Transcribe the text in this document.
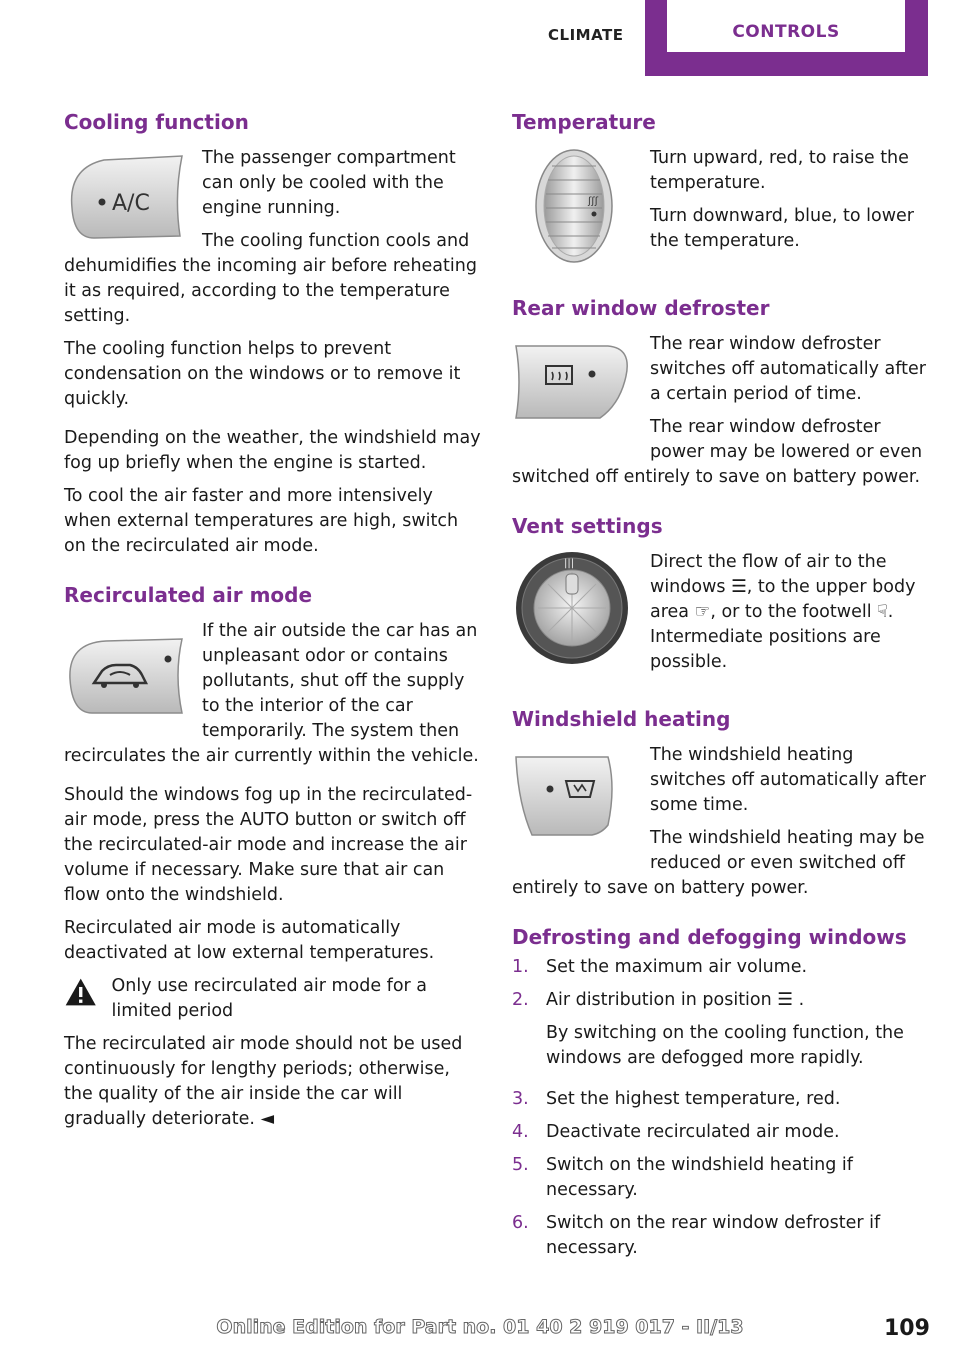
CLIMATE	CONTROLS
Cooling function
A/C

The passenger compartment can only be cooled with the engine running.

The cooling function cools and dehumidifies the incoming air before reheating it as required, according to the temperature setting.

The cooling function helps to prevent condensation on the windows or to remove it quickly.

Depending on the weather, the windshield may fog up briefly when the engine is started.

To cool the air faster and more intensively when external temperatures are high, switch on the recirculated air mode.

Recirculated air mode

If the air outside the car has an unpleasant odor or contains pollutants, shut off the supply to the interior of the car temporarily. The system then recirculates the air currently within the vehicle.

Should the windows fog up in the recirculated-air mode, press the AUTO button or switch off the recirculated-air mode and increase the air volume if necessary. Make sure that air can flow onto the windshield.

Recirculated air mode is automatically deactivated at low external temperatures.

Only use recirculated air mode for a limited period

The recirculated air mode should not be used continuously for lengthy periods; otherwise, the quality of the air inside the car will gradually deteriorate. ◄

Temperature
ʃʃʃ

Turn upward, red, to raise the temperature.

Turn downward, blue, to lower the temperature.

Rear window defroster

The rear window defroster switches off automatically after a certain period of time.

The rear window defroster power may be lowered or even switched off entirely to save on battery power.

Vent settings
|||	Direct the flow of air to the windows ☰, to the upper body area ☞, or to the footwell ☟. Intermediate positions are possible.

Windshield heating

The windshield heating switches off automatically after some time.

The windshield heating may be reduced or even switched off entirely to save on battery power.

Defrosting and defogging windows
1. Set the maximum air volume.
2. Air distribution in position ☰ .

By switching on the cooling function, the windows are defogged more rapidly.

3. Set the highest temperature, red.
4. Deactivate recirculated air mode.
5. Switch on the windshield heating if necessary.
6. Switch on the rear window defroster if necessary.
109
Online Edition for Part no. 01 40 2 919 017 - II/13
